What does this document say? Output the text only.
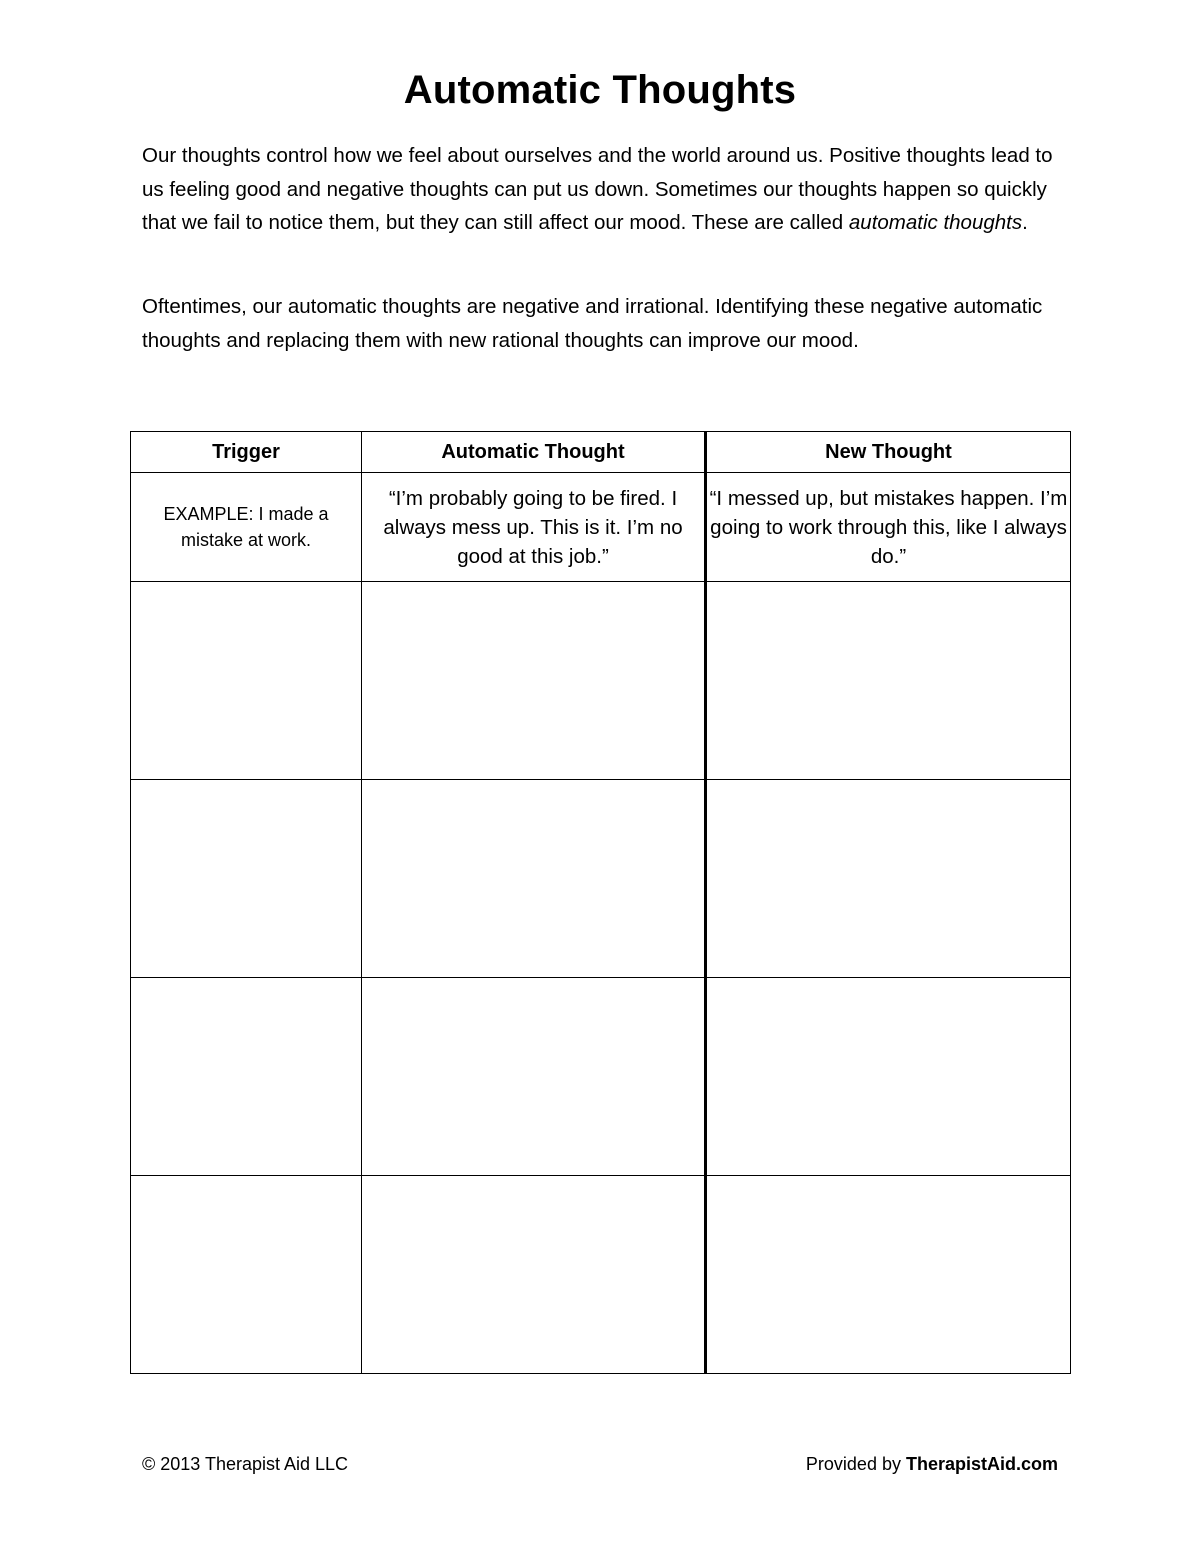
Automatic Thoughts

Our thoughts control how we feel about ourselves and the world around us. Positive thoughts lead to us feeling good and negative thoughts can put us down. Sometimes our thoughts happen so quickly that we fail to notice them, but they can still affect our mood. These are called automatic thoughts.

Oftentimes, our automatic thoughts are negative and irrational. Identifying these negative automatic thoughts and replacing them with new rational thoughts can improve our mood.

Trigger	Automatic Thought	New Thought
EXAMPLE: I made a mistake at work.	“I’m probably going to be fired. I always mess up. This is it. I’m no good at this job.”	“I messed up, but mistakes happen. I’m going to work through this, like I always do.”

© 2013 Therapist Aid LLC	Provided by TherapistAid.com
